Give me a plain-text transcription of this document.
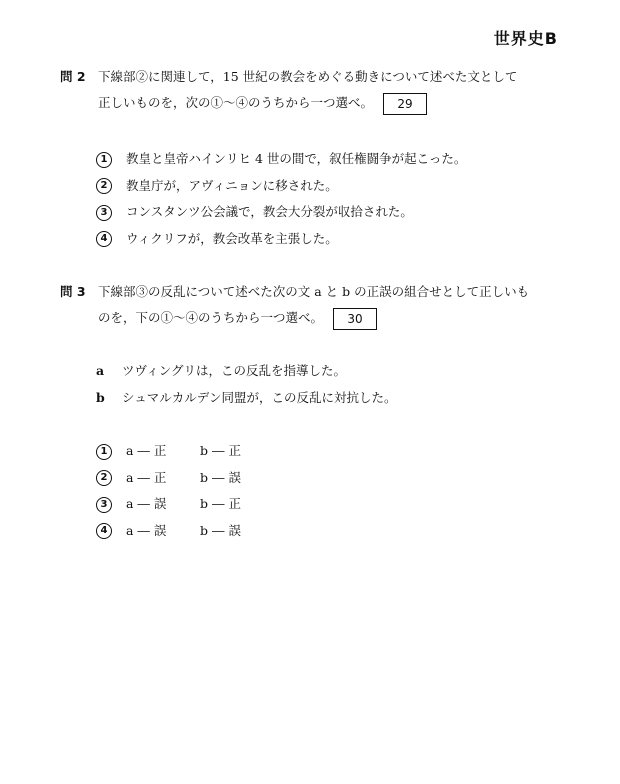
世界史B
問 2 下線部②に関連して，15 世紀の教会をめぐる動きについて述べた文として
正しいものを，次の①～④のうちから一つ選べ。 29
1 教皇と皇帝ハインリヒ 4 世の間で，叙任権闘争が起こった。
2 教皇庁が，アヴィニョンに移された。
3 コンスタンツ公会議で，教会大分裂が収拾された。
4 ウィクリフが，教会改革を主張した。
問 3 下線部③の反乱について述べた次の文 a と b の正誤の組合せとして正しいも
のを，下の①～④のうちから一つ選べ。 30
a ツヴィングリは，この反乱を指導した。
b シュマルカルデン同盟が，この反乱に対抗した。
1 a ― 正	b ― 正
2 a ― 正	b ― 誤
3 a ― 誤	b ― 正
4 a ― 誤	b ― 誤
